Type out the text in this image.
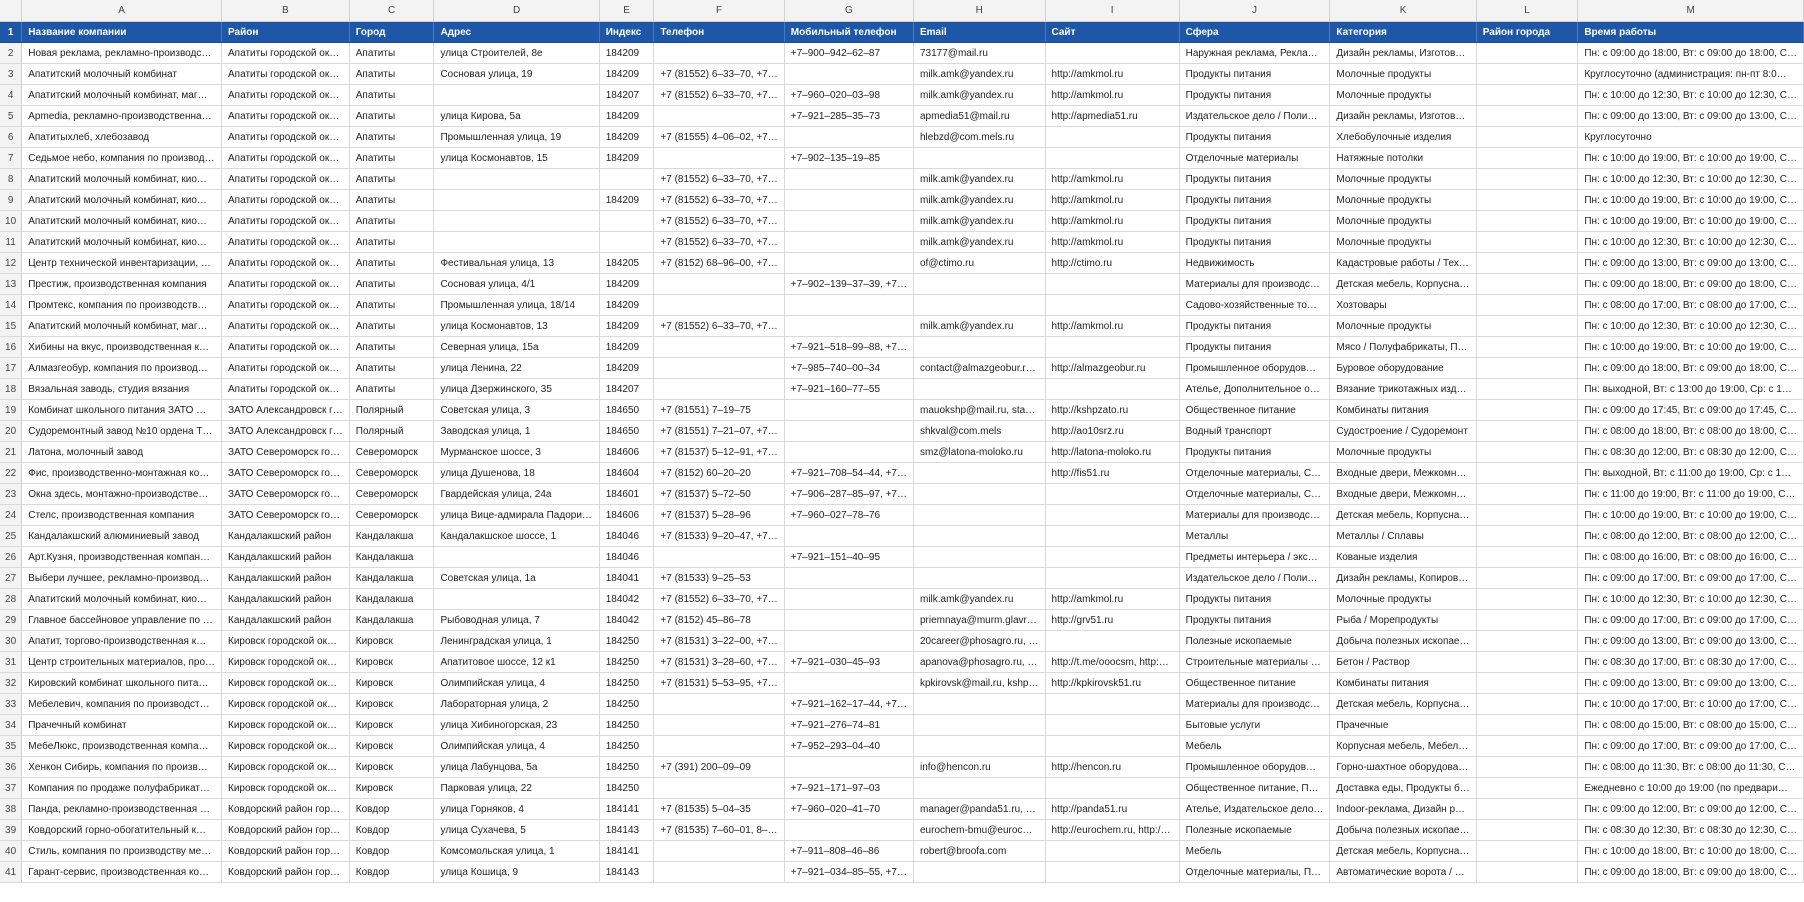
	A	B	C	D	E	F	G	H	I	J	K	L	M
1	Название компании	Район	Город	Адрес	Индекс	Телефон	Мобильный телефон	Email	Сайт	Сфера	Категория	Район города	Время работы
2	Новая реклама, рекламно-производс…	Апатиты городской ок…	Апатиты	улица Строителей, 8е	184209		+7‒900‒942‒62‒87	73177@mail.ru		Наружная реклама, Рекла…	Дизайн рекламы, Изготов…		Пн: с 09:00 до 18:00, Вт: с 09:00 до 18:00, С…
3	Апатитский молочный комбинат	Апатиты городской ок…	Апатиты	Сосновая улица, 19	184209	+7 (81552) 6‒33‒70, +7…		milk.amk@yandex.ru	http://amkmol.ru	Продукты питания	Молочные продукты		Круглосуточно (администрация: пн-пт 8:0…
4	Апатитский молочный комбинат, маг…	Апатиты городской ок…	Апатиты		184207	+7 (81552) 6‒33‒70, +7…	+7‒960‒020‒03‒98	milk.amk@yandex.ru	http://amkmol.ru	Продукты питания	Молочные продукты		Пн: с 10:00 до 12:30, Вт: с 10:00 до 12:30, С…
5	Apmedia, рекламно-производственна…	Апатиты городской ок…	Апатиты	улица Кирова, 5а	184209		+7‒921‒285‒35‒73	apmedia51@mail.ru	http://apmedia51.ru	Издательское дело / Поли…	Дизайн рекламы, Изготов…		Пн: с 09:00 до 13:00, Вт: с 09:00 до 13:00, С…
6	Апатитыхлеб, хлебозавод	Апатиты городской ок…	Апатиты	Промышленная улица, 19	184209	+7 (81555) 4‒06‒02, +7…		hlebzd@com.mels.ru		Продукты питания	Хлебобулочные изделия		Круглосуточно
7	Седьмое небо, компания по производ…	Апатиты городской ок…	Апатиты	улица Космонавтов, 15	184209		+7‒902‒135‒19‒85			Отделочные материалы	Натяжные потолки		Пн: с 10:00 до 19:00, Вт: с 10:00 до 19:00, С…
8	Апатитский молочный комбинат, кио…	Апатиты городской ок…	Апатиты			+7 (81552) 6‒33‒70, +7…		milk.amk@yandex.ru	http://amkmol.ru	Продукты питания	Молочные продукты		Пн: с 10:00 до 12:30, Вт: с 10:00 до 12:30, С…
9	Апатитский молочный комбинат, кио…	Апатиты городской ок…	Апатиты		184209	+7 (81552) 6‒33‒70, +7…		milk.amk@yandex.ru	http://amkmol.ru	Продукты питания	Молочные продукты		Пн: с 10:00 до 19:00, Вт: с 10:00 до 19:00, С…
10	Апатитский молочный комбинат, кио…	Апатиты городской ок…	Апатиты			+7 (81552) 6‒33‒70, +7…		milk.amk@yandex.ru	http://amkmol.ru	Продукты питания	Молочные продукты		Пн: с 10:00 до 19:00, Вт: с 10:00 до 19:00, С…
11	Апатитский молочный комбинат, кио…	Апатиты городской ок…	Апатиты			+7 (81552) 6‒33‒70, +7…		milk.amk@yandex.ru	http://amkmol.ru	Продукты питания	Молочные продукты		Пн: с 10:00 до 12:30, Вт: с 10:00 до 12:30, С…
12	Центр технической инвентаризации, …	Апатиты городской ок…	Апатиты	Фестивальная улица, 13	184205	+7 (8152) 68‒96‒00, +7…		of@ctimo.ru	http://ctimo.ru	Недвижимость	Кадастровые работы / Тех…		Пн: с 09:00 до 13:00, Вт: с 09:00 до 13:00, С…
13	Престиж, производственная компания	Апатиты городской ок…	Апатиты	Сосновая улица, 4/1	184209		+7‒902‒139‒37‒39, +7…			Материалы для производс…	Детская мебель, Корпусна…		Пн: с 09:00 до 18:00, Вт: с 09:00 до 18:00, С…
14	Промтекс, компания по производств…	Апатиты городской ок…	Апатиты	Промышленная улица, 18/14	184209					Садово-хозяйственные то…	Хозтовары		Пн: с 08:00 до 17:00, Вт: с 08:00 до 17:00, С…
15	Апатитский молочный комбинат, маг…	Апатиты городской ок…	Апатиты	улица Космонавтов, 13	184209	+7 (81552) 6‒33‒70, +7…		milk.amk@yandex.ru	http://amkmol.ru	Продукты питания	Молочные продукты		Пн: с 10:00 до 12:30, Вт: с 10:00 до 12:30, С…
16	Хибины на вкус, производственная к…	Апатиты городской ок…	Апатиты	Северная улица, 15а	184209		+7‒921‒518‒99‒88, +7…			Продукты питания	Мясо / Полуфабрикаты, П…		Пн: с 10:00 до 19:00, Вт: с 10:00 до 19:00, С…
17	Алмазгеобур, компания по производ…	Апатиты городской ок…	Апатиты	улица Ленина, 22	184209		+7‒985‒740‒00‒34	contact@almazgeobur.r…	http://almazgeobur.ru	Промышленное оборудов…	Буровое оборудование		Пн: с 09:00 до 18:00, Вт: с 09:00 до 18:00, С…
18	Вязальная заводь, студия вязания	Апатиты городской ок…	Апатиты	улица Дзержинского, 35	184207		+7‒921‒160‒77‒55			Ателье, Дополнительное о…	Вязание трикотажных изд…		Пн: выходной, Вт: с 13:00 до 19:00, Ср: с 1…
19	Комбинат школьного питания ЗАТО …	ЗАТО Александровск г…	Полярный	Советская улица, 3	184650	+7 (81551) 7‒19‒75		mauokshp@mail.ru, sta…	http://kshpzato.ru	Общественное питание	Комбинаты питания		Пн: с 09:00 до 17:45, Вт: с 09:00 до 17:45, С…
20	Судоремонтный завод №10 ордена Т…	ЗАТО Александровск г…	Полярный	Заводская улица, 1	184650	+7 (81551) 7‒21‒07, +7…		shkval@com.mels	http://ao10srz.ru	Водный транспорт	Судостроение / Судоремонт		Пн: с 08:00 до 18:00, Вт: с 08:00 до 18:00, С…
21	Латона, молочный завод	ЗАТО Североморск го…	Североморск	Мурманское шоссе, 3	184606	+7 (81537) 5‒12‒91, +7…		smz@latona-moloko.ru	http://latona-moloko.ru	Продукты питания	Молочные продукты		Пн: с 08:30 до 12:00, Вт: с 08:30 до 12:00, С…
22	Фис, производственно-монтажная ко…	ЗАТО Североморск го…	Североморск	улица Душенова, 18	184604	+7 (8152) 60‒20‒20	+7‒921‒708‒54‒44, +7…		http://fis51.ru	Отделочные материалы, С…	Входные двери, Межкомн…		Пн: выходной, Вт: с 11:00 до 19:00, Ср: с 1…
23	Окна здесь, монтажно-производстве…	ЗАТО Североморск го…	Североморск	Гвардейская улица, 24а	184601	+7 (81537) 5‒72‒50	+7‒906‒287‒85‒97, +7…			Отделочные материалы, С…	Входные двери, Межкомн…		Пн: с 11:00 до 19:00, Вт: с 11:00 до 19:00, С…
24	Стелс, производственная компания	ЗАТО Североморск го…	Североморск	улица Вице-адмирала Падори…	184606	+7 (81537) 5‒28‒96	+7‒960‒027‒78‒76			Материалы для производс…	Детская мебель, Корпусна…		Пн: с 10:00 до 19:00, Вт: с 10:00 до 19:00, С…
25	Кандалакшский алюминиевый завод	Кандалакшский район	Кандалакша	Кандалакшское шоссе, 1	184046	+7 (81533) 9‒20‒47, +7…				Металлы	Металлы / Сплавы		Пн: с 08:00 до 12:00, Вт: с 08:00 до 12:00, С…
26	Арт.Кузня, производственная компан…	Кандалакшский район	Кандалакша		184046		+7‒921‒151‒40‒95			Предметы интерьера / экс…	Кованые изделия		Пн: с 08:00 до 16:00, Вт: с 08:00 до 16:00, С…
27	Выбери лучшее, рекламно-производ…	Кандалакшский район	Кандалакша	Советская улица, 1а	184041	+7 (81533) 9‒25‒53				Издательское дело / Поли…	Дизайн рекламы, Копиров…		Пн: с 09:00 до 17:00, Вт: с 09:00 до 17:00, С…
28	Апатитский молочный комбинат, кио…	Кандалакшский район	Кандалакша		184042	+7 (81552) 6‒33‒70, +7…		milk.amk@yandex.ru	http://amkmol.ru	Продукты питания	Молочные продукты		Пн: с 10:00 до 12:30, Вт: с 10:00 до 12:30, С…
29	Главное бассейновое управление по …	Кандалакшский район	Кандалакша	Рыбоводная улица, 7	184042	+7 (8152) 45‒86‒78		priemnaya@murm.glavr…	http://grv51.ru	Продукты питания	Рыба / Морепродукты		Пн: с 09:00 до 17:00, Вт: с 09:00 до 17:00, С…
30	Апатит, торгово-производственная к…	Кировск городской ок…	Кировск	Ленинградская улица, 1	184250	+7 (81531) 3‒22‒00, +7…		20career@phosagro.ru, …		Полезные ископаемые	Добыча полезных ископае…		Пн: с 09:00 до 13:00, Вт: с 09:00 до 13:00, С…
31	Центр строительных материалов, про…	Кировск городской ок…	Кировск	Апатитовое шоссе, 12 к1	184250	+7 (81531) 3‒28‒60, +7…	+7‒921‒030‒45‒93	apanova@phosagro.ru, …	http://t.me/ooocsm, http:…	Строительные материалы …	Бетон / Раствор		Пн: с 08:30 до 17:00, Вт: с 08:30 до 17:00, С…
32	Кировский комбинат школьного пита…	Кировск городской ок…	Кировск	Олимпийская улица, 4	184250	+7 (81531) 5‒53‒95, +7…		kpkirovsk@mail.ru, kshp…	http://kpkirovsk51.ru	Общественное питание	Комбинаты питания		Пн: с 09:00 до 13:00, Вт: с 09:00 до 13:00, С…
33	Мебелевич, компания по производст…	Кировск городской ок…	Кировск	Лабораторная улица, 2	184250		+7‒921‒162‒17‒44, +7…			Материалы для производс…	Детская мебель, Корпусна…		Пн: с 10:00 до 17:00, Вт: с 10:00 до 17:00, С…
34	Прачечный комбинат	Кировск городской ок…	Кировск	улица Хибиногорская, 23	184250		+7‒921‒276‒74‒81			Бытовые услуги	Прачечные		Пн: с 08:00 до 15:00, Вт: с 08:00 до 15:00, С…
35	МебеЛюкс, производственная компа…	Кировск городской ок…	Кировск	Олимпийская улица, 4	184250		+7‒952‒293‒04‒40			Мебель	Корпусная мебель, Мебел…		Пн: с 09:00 до 17:00, Вт: с 09:00 до 17:00, С…
36	Хенкон Сибирь, компания по произв…	Кировск городской ок…	Кировск	улица Лабунцова, 5а	184250	+7 (391) 200‒09‒09		info@hencon.ru	http://hencon.ru	Промышленное оборудов…	Горно-шахтное оборудова…		Пн: с 08:00 до 11:30, Вт: с 08:00 до 11:30, С…
37	Компания по продаже полуфабрикат…	Кировск городской ок…	Кировск	Парковая улица, 22	184250		+7‒921‒171‒97‒03			Общественное питание, П…	Доставка еды, Продукты б…		Ежедневно с 10:00 до 19:00 (по предвари…
38	Панда, рекламно-производственная …	Ковдорский район гор…	Ковдор	улица Горняков, 4	184141	+7 (81535) 5‒04‒35	+7‒960‒020‒41‒70	manager@panda51.ru, …	http://panda51.ru	Ателье, Издательское дело…	Indoor-реклама, Дизайн р…		Пн: с 09:00 до 12:00, Вт: с 09:00 до 12:00, С…
39	Ковдорский горно-обогатительный к…	Ковдорский район гор…	Ковдор	улица Сухачева, 5	184143	+7 (81535) 7‒60‒01, 8‒…		eurochem-bmu@euroc…	http://eurochem.ru, http:/…	Полезные ископаемые	Добыча полезных ископае…		Пн: с 08:30 до 12:30, Вт: с 08:30 до 12:30, С…
40	Стиль, компания по производству ме…	Ковдорский район гор…	Ковдор	Комсомольская улица, 1	184141		+7‒911‒808‒46‒86	robert@broofa.com		Мебель	Детская мебель, Корпусна…		Пн: с 10:00 до 18:00, Вт: с 10:00 до 18:00, С…
41	Гарант-сервис, производственная ко…	Ковдорский район гор…	Ковдор	улица Кошица, 9	184143		+7‒921‒034‒85‒55, +7…			Отделочные материалы, П…	Автоматические ворота / …		Пн: с 09:00 до 18:00, Вт: с 09:00 до 18:00, С…
